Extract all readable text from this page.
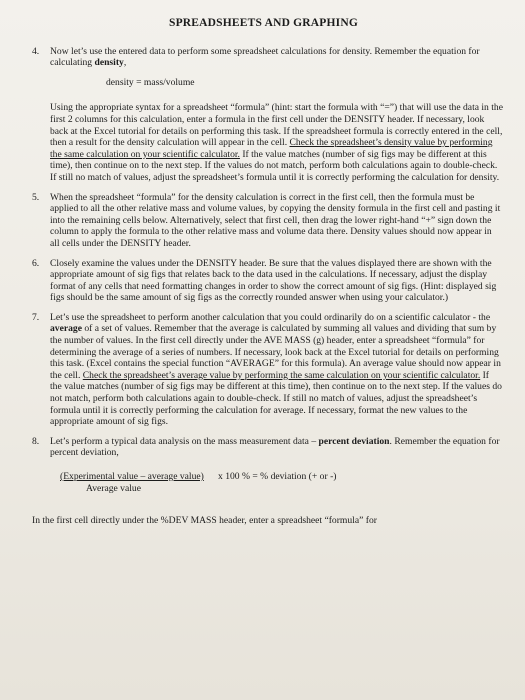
SPREADSHEETS AND GRAPHING
4. Now let’s use the entered data to perform some spreadsheet calculations for density. Remember the equation for calculating density,

density = mass/volume

Using the appropriate syntax for a spreadsheet “formula” (hint: start the formula with “=”) that will use the data in the first 2 columns for this calculation, enter a formula in the first cell under the DENSITY header. If necessary, look back at the Excel tutorial for details on performing this task. If the spreadsheet formula is correctly entered in the cell, then a result for the density calculation will appear in the cell. Check the spreadsheet’s density value by performing the same calculation on your scientific calculator. If the value matches (number of sig figs may be different at this time), then continue on to the next step. If the values do not match, perform both calculations again to double-check. If still no match of values, adjust the spreadsheet’s formula until it is correctly performing the calculation for density.

5. When the spreadsheet “formula” for the density calculation is correct in the first cell, then the formula must be applied to all the other relative mass and volume values, by copying the density formula in the first cell and pasting it into the remaining cells below. Alternatively, select that first cell, then drag the lower right-hand “+” sign down the column to apply the formula to the other relative mass and volume data there. Density values should now appear in all cells under the DENSITY header.

6. Closely examine the values under the DENSITY header. Be sure that the values displayed there are shown with the appropriate amount of sig figs that relates back to the data used in the calculations. If necessary, adjust the display format of any cells that need formatting changes in order to show the correct amount of sig figs. (Hint: displayed sig figs should be the same amount of sig figs as the correctly rounded answer when using your calculator.)

7. Let’s use the spreadsheet to perform another calculation that you could ordinarily do on a scientific calculator - the average of a set of values. Remember that the average is calculated by summing all values and dividing that sum by the number of values. In the first cell directly under the AVE MASS (g) header, enter a spreadsheet “formula” for determining the average of a series of numbers. If necessary, look back at the Excel tutorial for details on performing this task. (Excel contains the special function “AVERAGE” for this formula). An average value should now appear in the cell. Check the spreadsheet’s average value by performing the same calculation on your scientific calculator. If the value matches (number of sig figs may be different at this time), then continue on to the next step. If the values do not match, perform both calculations again to double-check. If still no match of values, adjust the spreadsheet’s formula until it is correctly performing the calculation for average. If necessary, format the new values to the appropriate amount of sig figs.

8. Let’s perform a typical data analysis on the mass measurement data – percent deviation. Remember the equation for percent deviation,

(Experimental value – average value)
Average value
x 100 % = % deviation (+ or -)

In the first cell directly under the %DEV MASS header, enter a spreadsheet “formula” for
